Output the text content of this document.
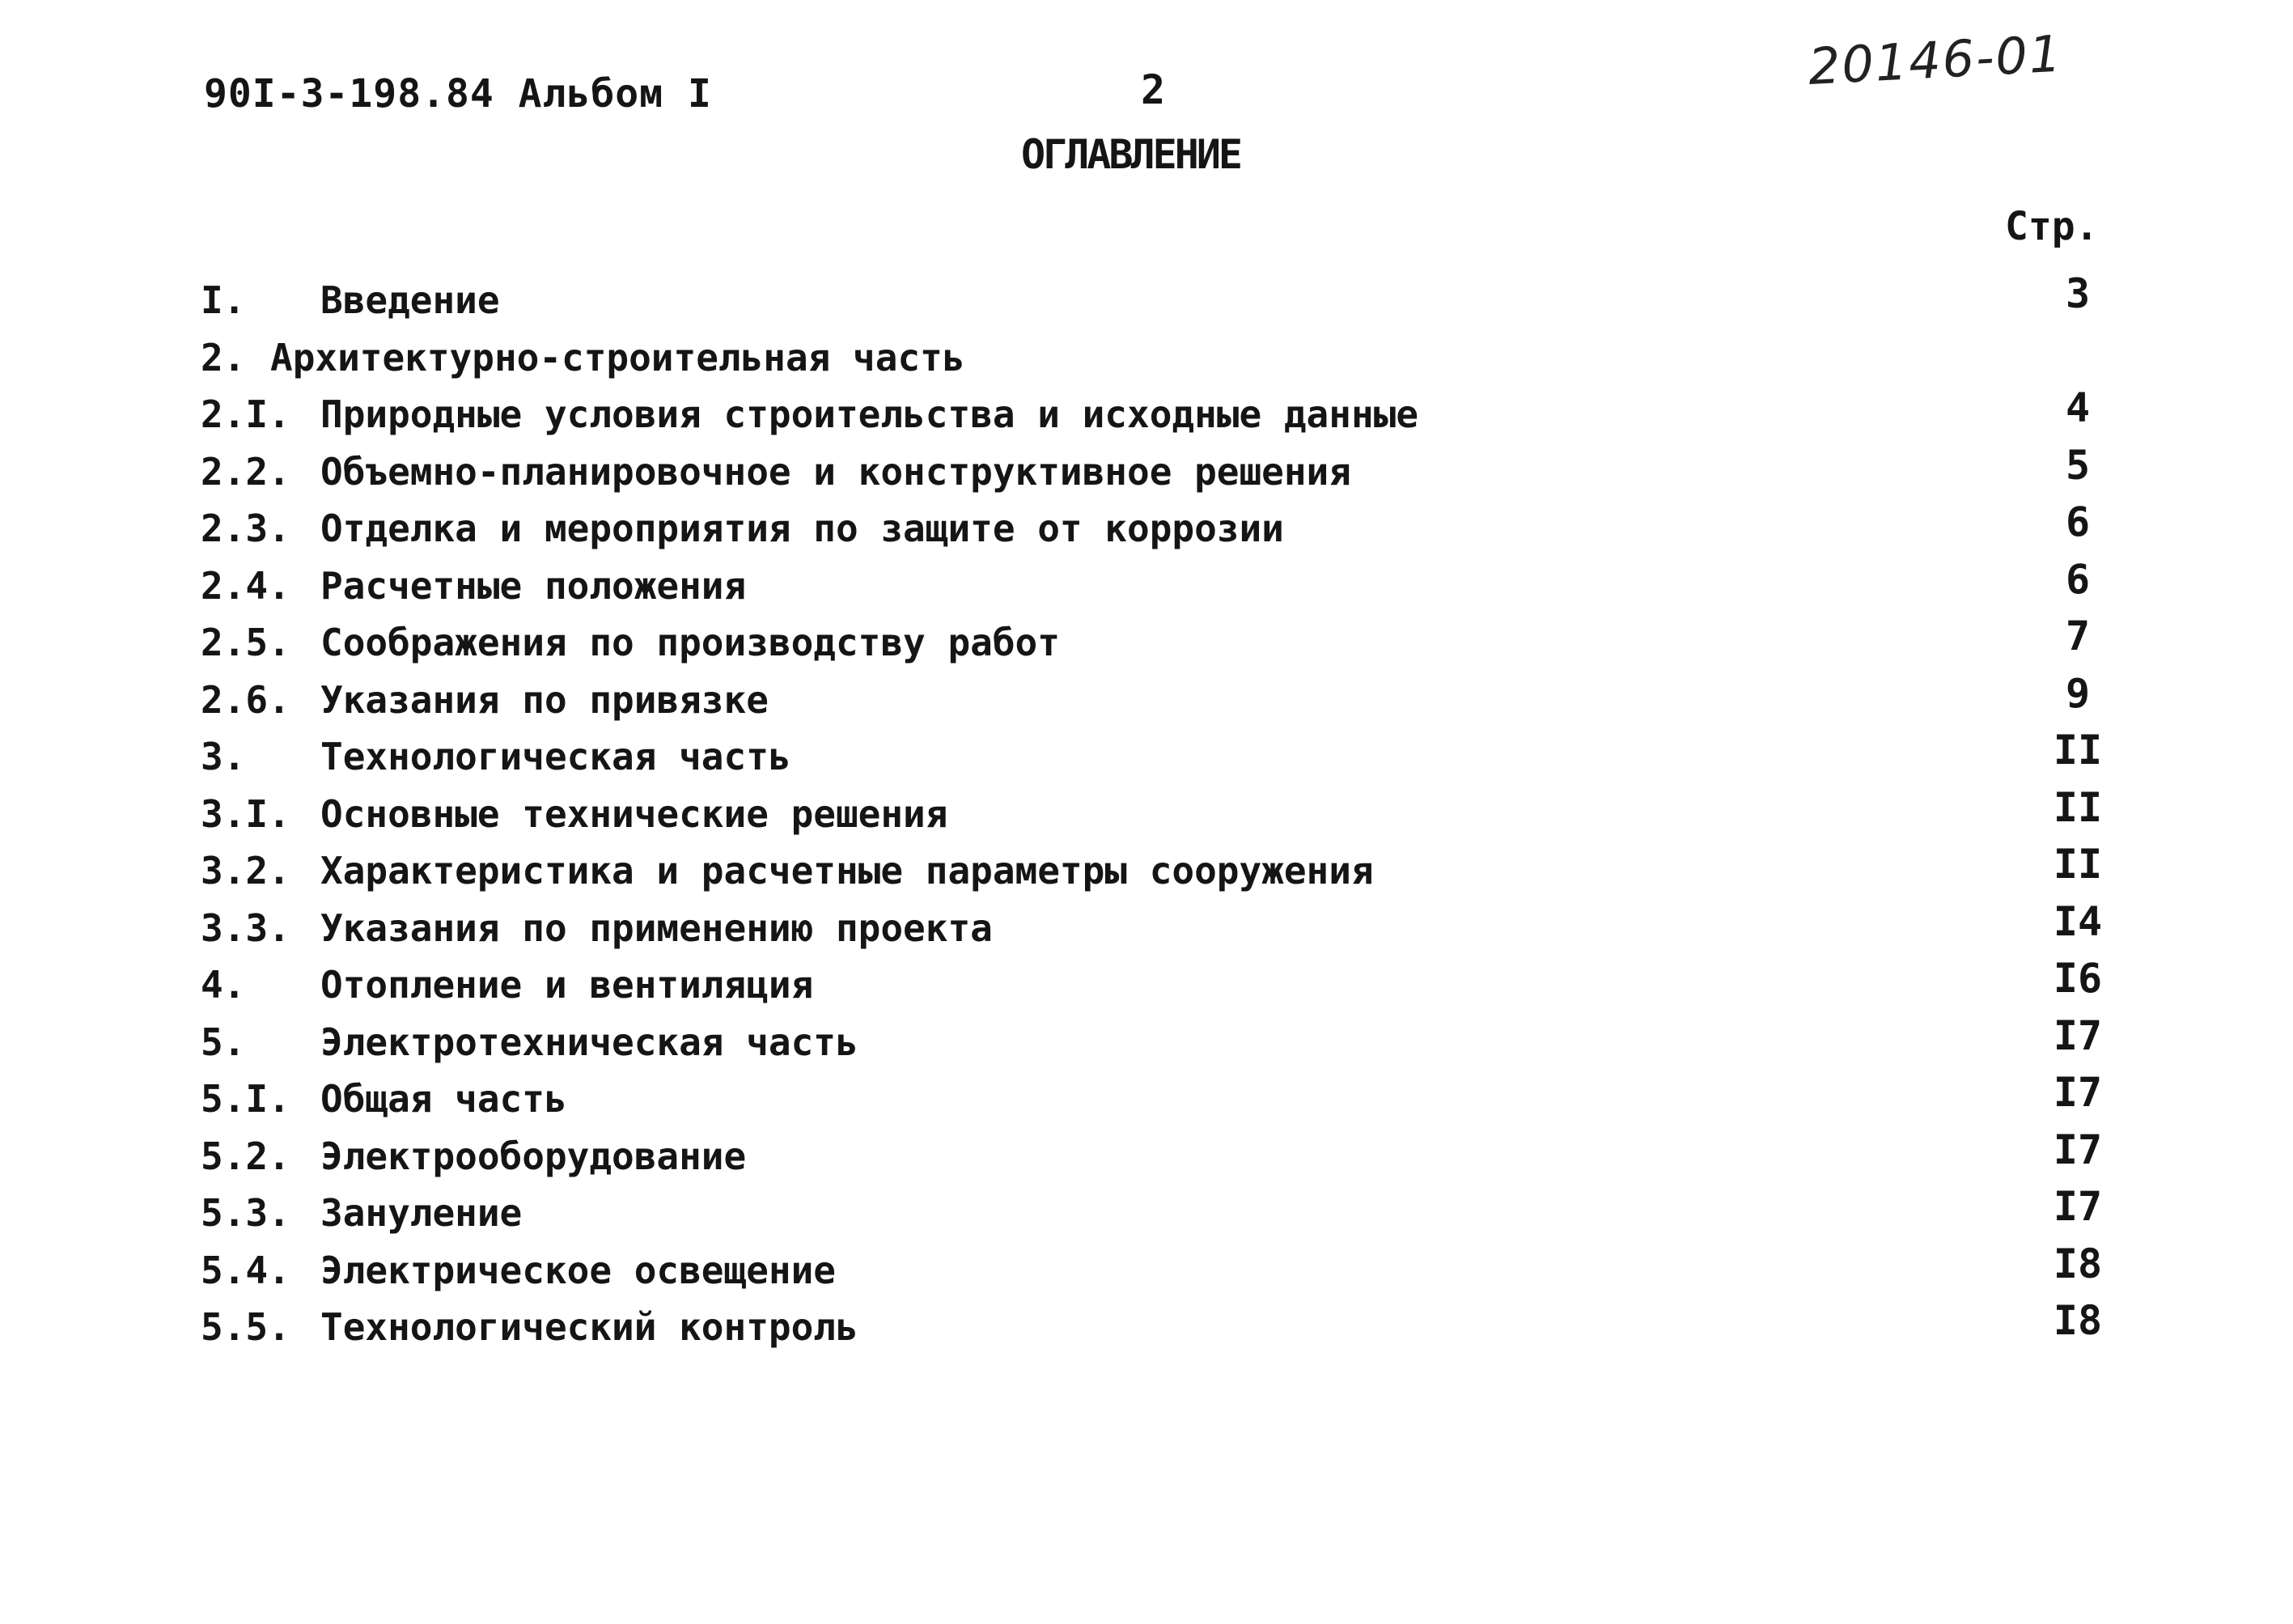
90I-3-198.84 Альбом I	2	20146-01
ОГЛАВЛЕНИЕ
Стр.
I. Введение	3
2. Архитектурно-строительная часть
2.I. Природные условия строительства и исходные данные	4
2.2. Объемно-планировочное и конструктивное решения	5
2.3. Отделка и мероприятия по защите от коррозии	6
2.4. Расчетные положения	6
2.5. Соображения по производству работ	7
2.6. Указания по привязке	9
3. Технологическая часть	II
3.I. Основные технические решения	II
3.2. Характеристика и расчетные параметры сооружения	II
3.3. Указания по применению проекта	I4
4. Отопление и вентиляция	I6
5. Электротехническая часть	I7
5.I. Общая часть	I7
5.2. Электрооборудование	I7
5.3. Зануление	I7
5.4. Электрическое освещение	I8
5.5. Технологический контроль	I8
